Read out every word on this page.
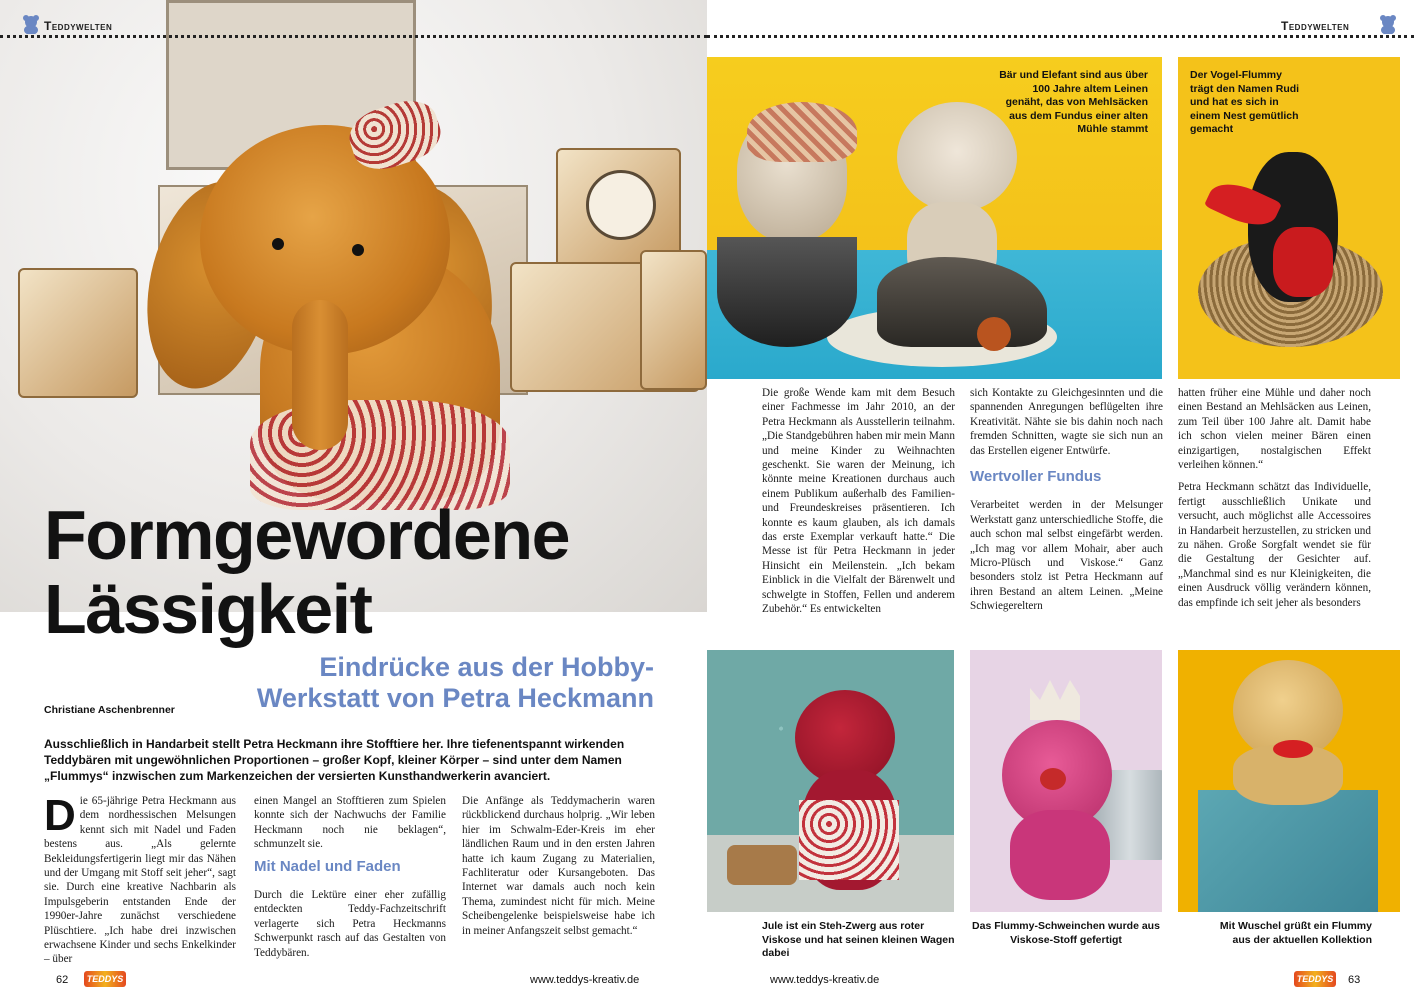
Teddywelten
Formgewordene
Lässigkeit
Eindrücke aus der Hobby-
Werkstatt von Petra Heckmann
Christiane Aschenbrenner

Ausschließlich in Handarbeit stellt Petra Heckmann ihre Stofftiere her. Ihre tiefenentspannt wirkenden Teddybären mit ungewöhnlichen Proportionen – großer Kopf, kleiner Körper – sind unter dem Namen „Flummys“ inzwischen zum Markenzeichen der versierten Kunsthandwerkerin avanciert.

D ie 65-jährige Petra Heckmann aus dem nordhessischen Melsungen kennt sich mit Nadel und Faden bestens aus. „Als gelernte Bekleidungsfertigerin liegt mir das Nähen und der Umgang mit Stoff seit jeher“, sagt sie. Durch eine kreative Nachbarin als Impulsgeberin entstanden Ende der 1990er-Jahre zunächst verschiedene Plüschtiere. „Ich habe drei inzwischen erwachsene Kinder und sechs Enkelkinder – über

einen Mangel an Stofftieren zum Spielen konnte sich der Nachwuchs der Familie Heckmann noch nie beklagen“, schmunzelt sie.

Mit Nadel und Faden

Durch die Lektüre einer eher zufällig entdeckten Teddy-Fachzeitschrift verlagerte sich Petra Heckmanns Schwerpunkt rasch auf das Gestalten von Teddybären.

Die Anfänge als Teddymacherin waren rückblickend durchaus holprig. „Wir leben hier im Schwalm-Eder-Kreis im eher ländlichen Raum und in den ersten Jahren hatte ich kaum Zugang zu Materialien, Fachliteratur oder Kursangeboten. Das Internet war damals auch noch kein Thema, zumindest nicht für mich. Meine Scheibengelenke beispielsweise habe ich in meiner Anfangszeit selbst gemacht.“

62	TEDDYS	www.teddys-kreativ.de
Teddywelten
Bär und Elefant sind aus über 100 Jahre altem Leinen genäht, das von Mehlsäcken aus dem Fundus einer alten Mühle stammt
Der Vogel-Flummy trägt den Namen Rudi und hat es sich in einem Nest gemütlich gemacht

Die große Wende kam mit dem Besuch einer Fachmesse im Jahr 2010, an der Petra Heckmann als Ausstellerin teilnahm. „Die Standgebühren haben mir mein Mann und meine Kinder zu Weihnachten geschenkt. Sie waren der Meinung, ich könnte meine Kreationen durchaus auch einem Publikum außerhalb des Familien- und Freundeskreises präsentieren. Ich konnte es kaum glauben, als ich damals das erste Exemplar verkauft hatte.“ Die Messe ist für Petra Heckmann in jeder Hinsicht ein Meilenstein. „Ich bekam Einblick in die Vielfalt der Bärenwelt und schwelgte in Stoffen, Fellen und anderem Zubehör.“ Es entwickelten

sich Kontakte zu Gleichgesinnten und die spannenden Anregungen beflügelten ihre Kreativität. Nähte sie bis dahin noch nach fremden Schnitten, wagte sie sich nun an das Erstellen eigener Entwürfe.

Wertvoller Fundus

Verarbeitet werden in der Melsunger Werkstatt ganz unterschiedliche Stoffe, die auch schon mal selbst eingefärbt werden. „Ich mag vor allem Mohair, aber auch Micro-Plüsch und Viskose.“ Ganz besonders stolz ist Petra Heckmann auf ihren Bestand an altem Leinen. „Meine Schwiegereltern

hatten früher eine Mühle und daher noch einen Bestand an Mehlsäcken aus Leinen, zum Teil über 100 Jahre alt. Damit habe ich schon vielen meiner Bären einen einzigartigen, nostalgischen Effekt verleihen können.“

Petra Heckmann schätzt das Individuelle, fertigt ausschließlich Unikate und versucht, auch möglichst alle Accessoires in Handarbeit herzustellen, zu stricken und zu nähen. Große Sorgfalt wendet sie für die Gestaltung der Gesichter auf. „Manchmal sind es nur Kleinigkeiten, die einen Ausdruck völlig verändern können, das empfinde ich seit jeher als besonders

Jule ist ein Steh-Zwerg aus roter Viskose und hat seinen kleinen Wagen dabei
Das Flummy-Schweinchen wurde aus Viskose-Stoff gefertigt
Mit Wuschel grüßt ein Flummy aus der aktuellen Kollektion
www.teddys-kreativ.de	TEDDYS 63
